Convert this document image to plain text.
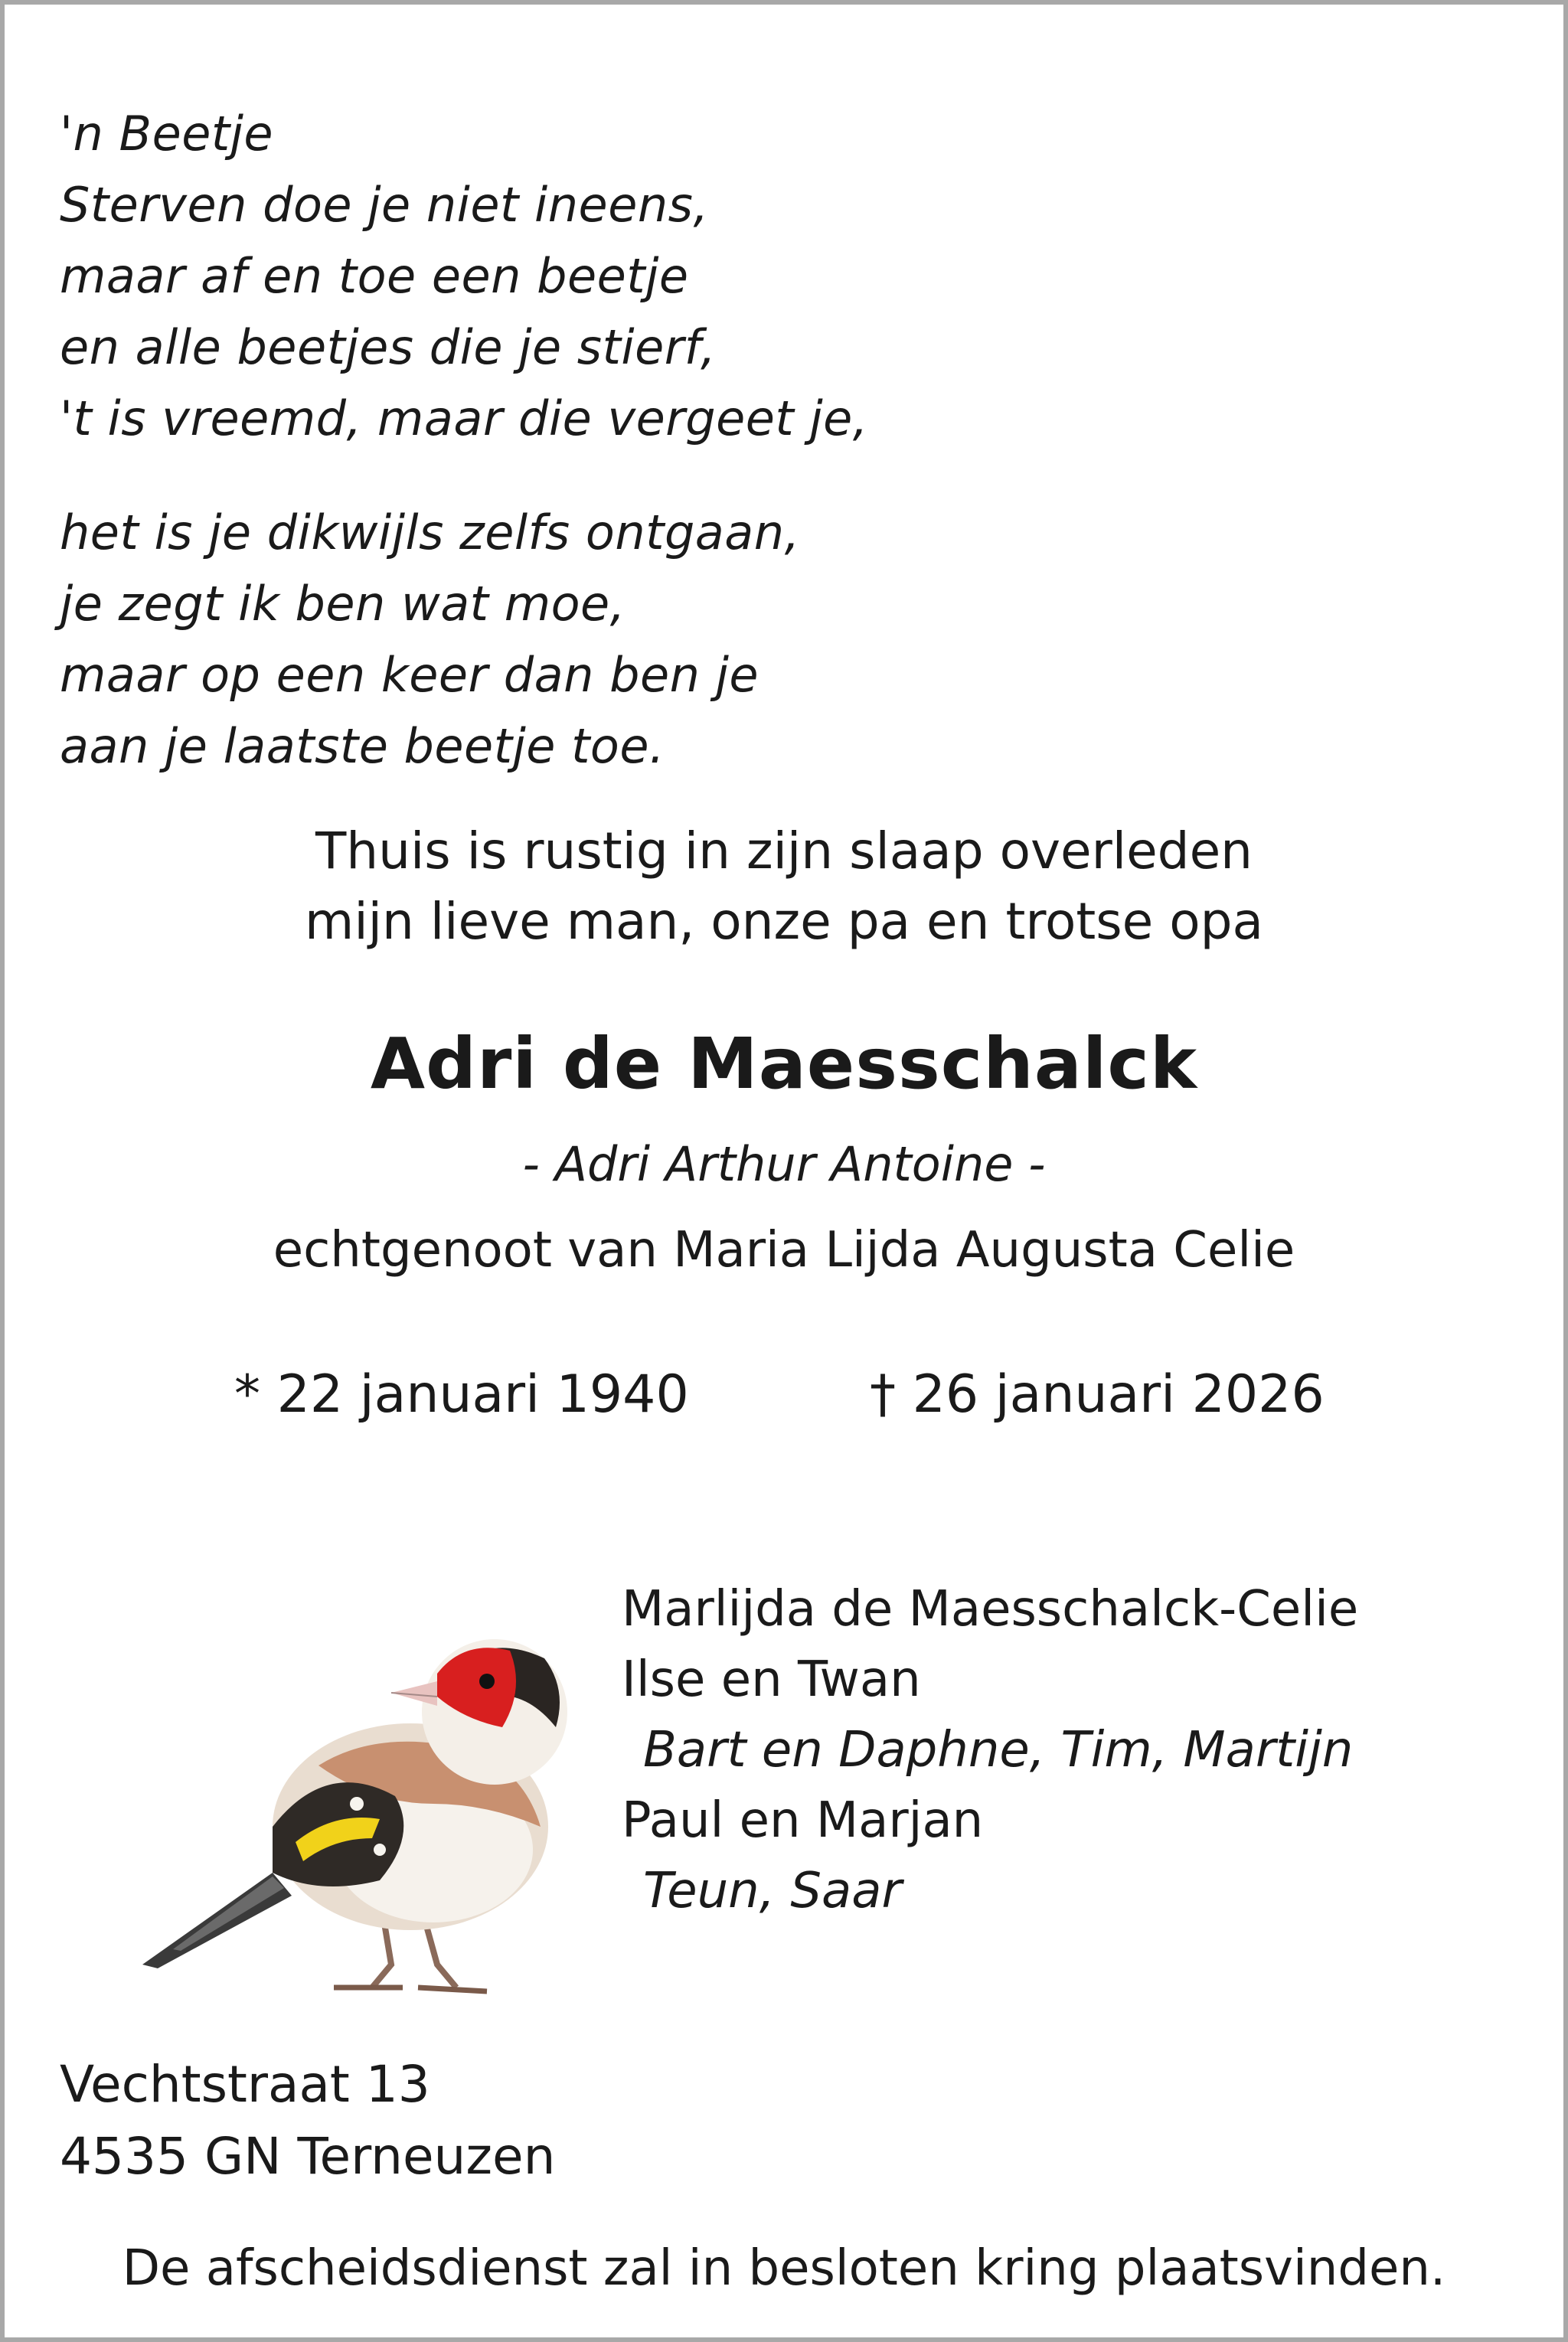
'n Beetje
Sterven doe je niet ineens,
maar af en toe een beetje
en alle beetjes die je stierf,
't is vreemd, maar die vergeet je,
het is je dikwijls zelfs ontgaan,
je zegt ik ben wat moe,
maar op een keer dan ben je
aan je laatste beetje toe.
Thuis is rustig in zijn slaap overleden
mijn lieve man, onze pa en trotse opa
Adri de Maesschalck
- Adri Arthur Antoine -
echtgenoot van Maria Lijda Augusta Celie
* 22 januari 1940	† 26 januari 2026
Marlijda de Maesschalck-Celie
Ilse en Twan
Bart en Daphne, Tim, Martijn
Paul en Marjan
Teun, Saar
Vechtstraat 13
4535 GN Terneuzen
De afscheidsdienst zal in besloten kring plaatsvinden.
